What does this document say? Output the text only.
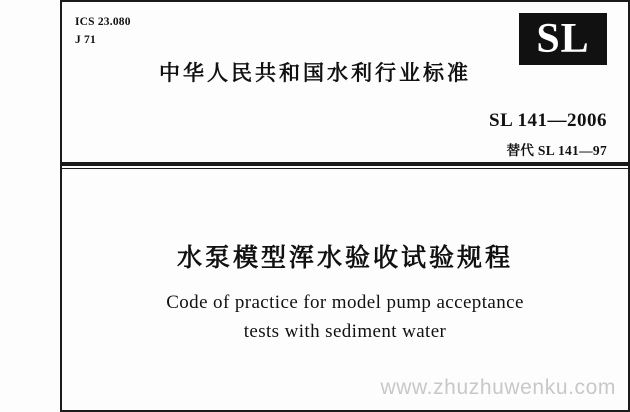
ICS 23.080
J 71	SL
中华人民共和国水利行业标准
SL 141—2006
替代 SL 141—97
水泵模型浑水验收试验规程
Code of practice for model pump acceptance
tests with sediment water
www.zhuzhuwenku.com
